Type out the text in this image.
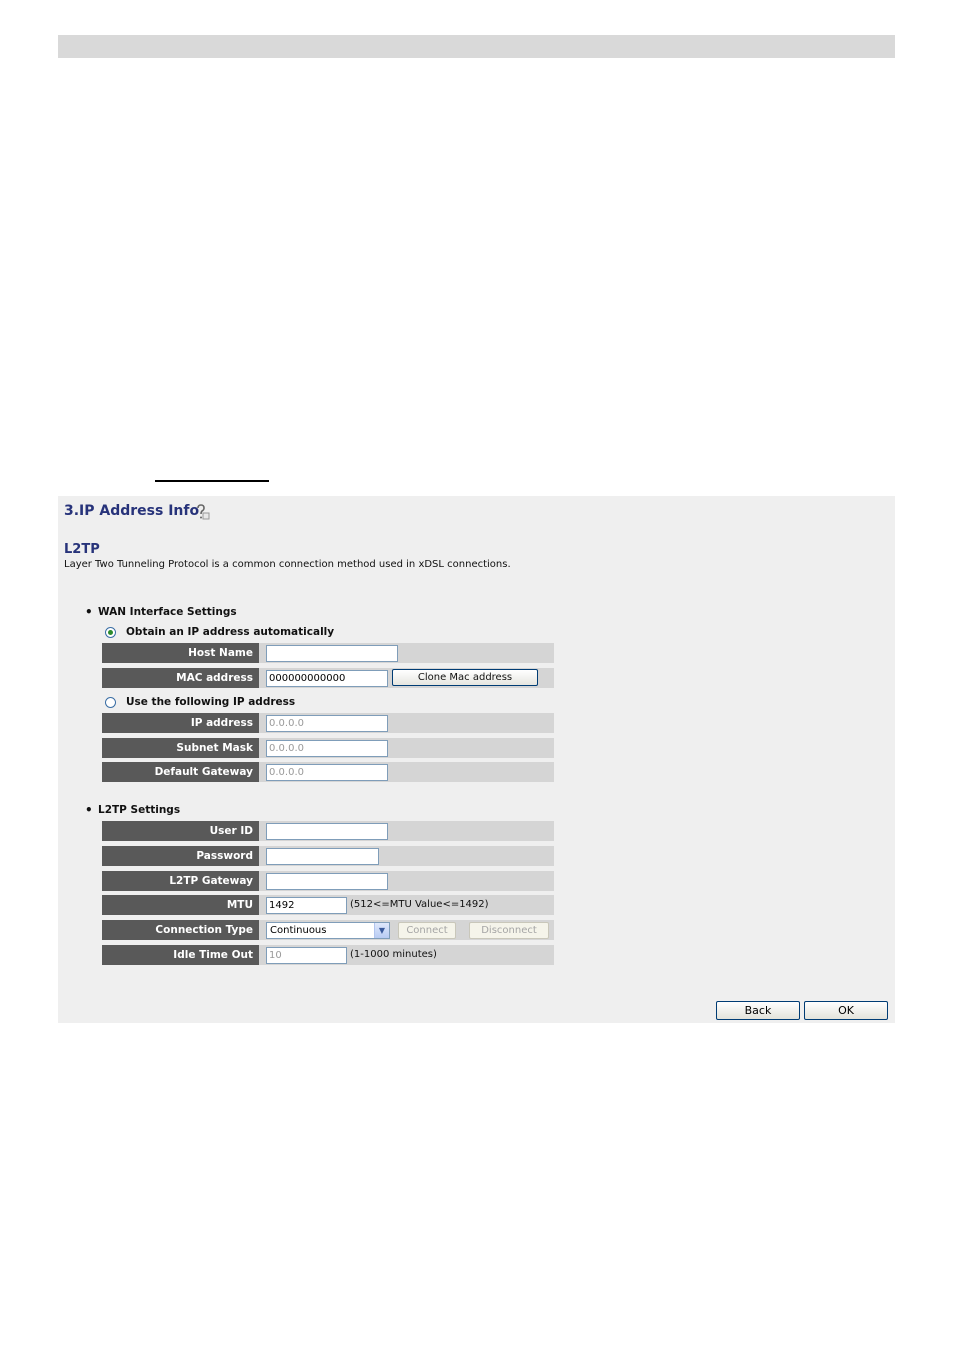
3.IP Address Info
L2TP
Layer Two Tunneling Protocol is a common connection method used in xDSL connections.
• WAN Interface Settings
Obtain an IP address automatically
Host Name
MAC address	000000000000	Clone Mac address
Use the following IP address
IP address	0.0.0.0
Subnet Mask	0.0.0.0
Default Gateway	0.0.0.0
• L2TP Settings
User ID
Password
L2TP Gateway
MTU	1492	(512<=MTU Value<=1492)
Connection Type	Continuous	▼	Connect	Disconnect
Idle Time Out	10	(1-1000 minutes)
Back	OK
